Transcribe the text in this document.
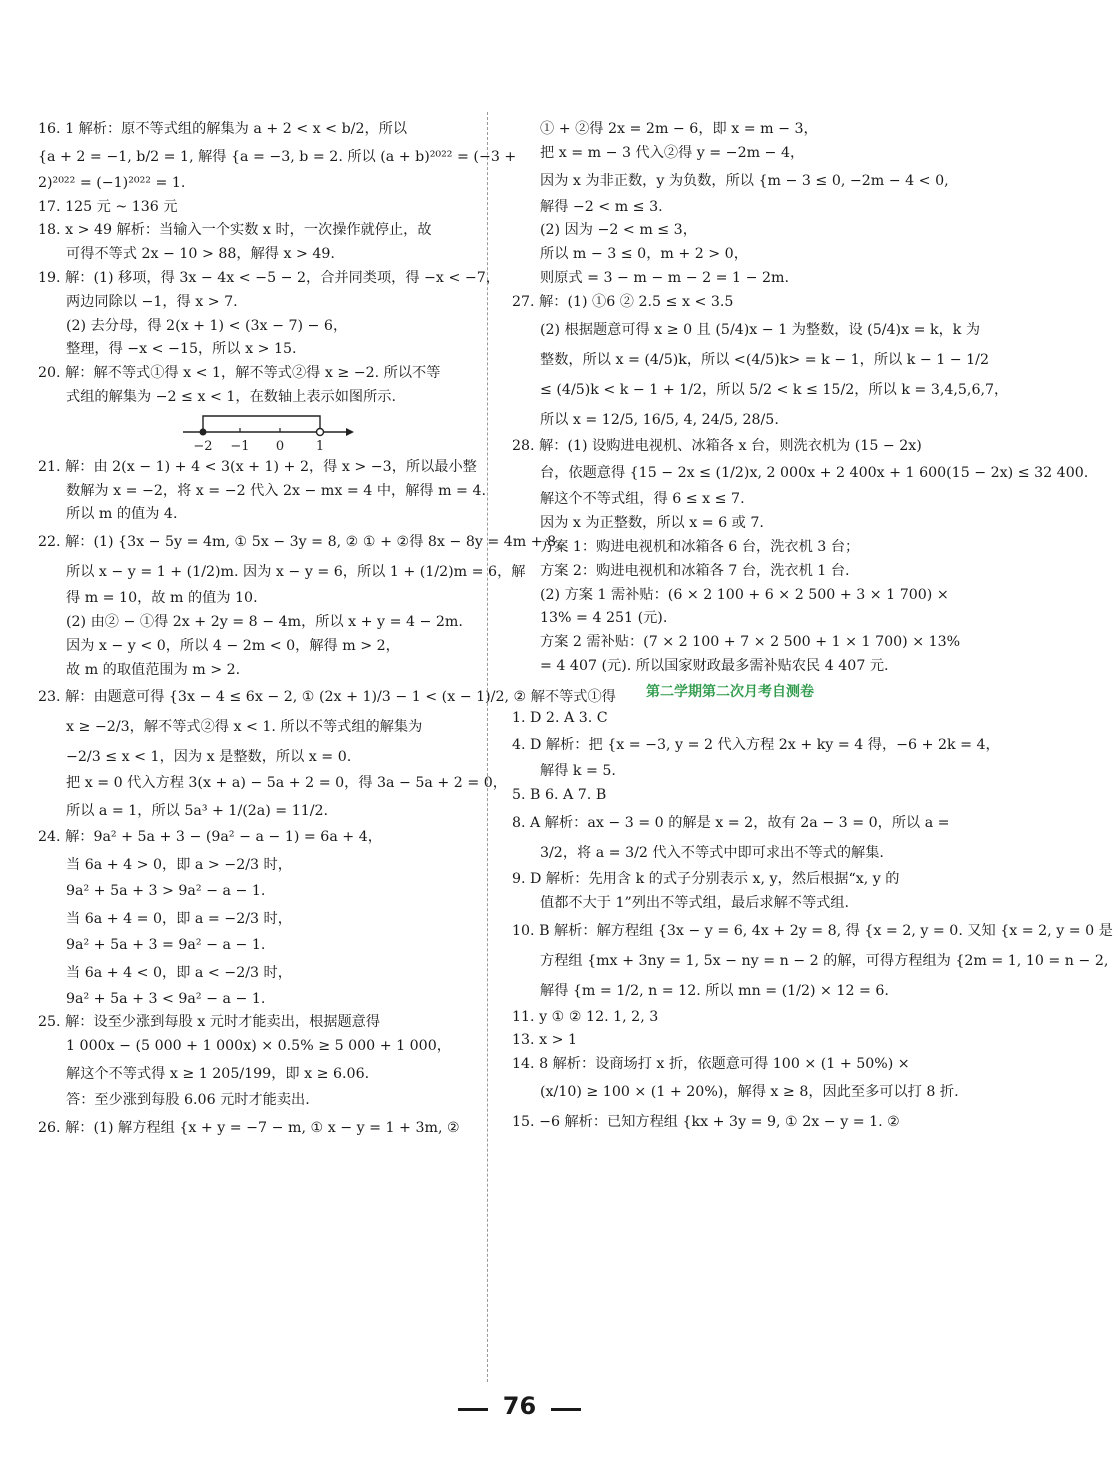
16. 1 解析：原不等式组的解集为 a + 2 < x < b/2，所以
{a + 2 = −1, b/2 = 1, 解得 {a = −3, b = 2. 所以 (a + b)²⁰²² = (−3 +
2)²⁰²² = (−1)²⁰²² = 1.
17. 125 元 ~ 136 元
18. x > 49 解析：当输入一个实数 x 时，一次操作就停止，故
可得不等式 2x − 10 > 88，解得 x > 49.
19. 解：(1) 移项，得 3x − 4x < −5 − 2，合并同类项，得 −x < −7，
两边同除以 −1，得 x > 7.
(2) 去分母，得 2(x + 1) < (3x − 7) − 6，
整理，得 −x < −15，所以 x > 15.
20. 解：解不等式①得 x < 1，解不等式②得 x ≥ −2. 所以不等
式组的解集为 −2 ≤ x < 1，在数轴上表示如图所示.
−2 −1 0 1
21. 解：由 2(x − 1) + 4 < 3(x + 1) + 2，得 x > −3，所以最小整
数解为 x = −2，将 x = −2 代入 2x − mx = 4 中，解得 m = 4.
所以 m 的值为 4.
22. 解：(1) {3x − 5y = 4m, ① 5x − 3y = 8, ② ① + ②得 8x − 8y = 4m + 8，
所以 x − y = 1 + (1/2)m. 因为 x − y = 6，所以 1 + (1/2)m = 6，解
得 m = 10，故 m 的值为 10.
(2) 由② − ①得 2x + 2y = 8 − 4m，所以 x + y = 4 − 2m.
因为 x − y < 0，所以 4 − 2m < 0，解得 m > 2，
故 m 的取值范围为 m > 2.
23. 解：由题意可得 {3x − 4 ≤ 6x − 2, ① (2x + 1)/3 − 1 < (x − 1)/2, ② 解不等式①得
x ≥ −2/3，解不等式②得 x < 1. 所以不等式组的解集为
−2/3 ≤ x < 1，因为 x 是整数，所以 x = 0.
把 x = 0 代入方程 3(x + a) − 5a + 2 = 0，得 3a − 5a + 2 = 0，
所以 a = 1，所以 5a³ + 1/(2a) = 11/2.
24. 解：9a² + 5a + 3 − (9a² − a − 1) = 6a + 4，
当 6a + 4 > 0，即 a > −2/3 时，
9a² + 5a + 3 > 9a² − a − 1.
当 6a + 4 = 0，即 a = −2/3 时，
9a² + 5a + 3 = 9a² − a − 1.
当 6a + 4 < 0，即 a < −2/3 时，
9a² + 5a + 3 < 9a² − a − 1.
25. 解：设至少涨到每股 x 元时才能卖出，根据题意得
1 000x − (5 000 + 1 000x) × 0.5% ≥ 5 000 + 1 000，
解这个不等式得 x ≥ 1 205/199，即 x ≥ 6.06.
答：至少涨到每股 6.06 元时才能卖出.
26. 解：(1) 解方程组 {x + y = −7 − m, ① x − y = 1 + 3m, ②
① + ②得 2x = 2m − 6，即 x = m − 3，
把 x = m − 3 代入②得 y = −2m − 4，
因为 x 为非正数，y 为负数，所以 {m − 3 ≤ 0, −2m − 4 < 0,
解得 −2 < m ≤ 3.
(2) 因为 −2 < m ≤ 3，
所以 m − 3 ≤ 0，m + 2 > 0，
则原式 = 3 − m − m − 2 = 1 − 2m.
27. 解：(1) ①6 ② 2.5 ≤ x < 3.5
(2) 根据题意可得 x ≥ 0 且 (5/4)x − 1 为整数，设 (5/4)x = k，k 为
整数，所以 x = (4/5)k，所以 <(4/5)k> = k − 1，所以 k − 1 − 1/2
≤ (4/5)k < k − 1 + 1/2，所以 5/2 < k ≤ 15/2，所以 k = 3,4,5,6,7，
所以 x = 12/5, 16/5, 4, 24/5, 28/5.
28. 解：(1) 设购进电视机、冰箱各 x 台，则洗衣机为 (15 − 2x)
台，依题意得 {15 − 2x ≤ (1/2)x, 2 000x + 2 400x + 1 600(15 − 2x) ≤ 32 400.
解这个不等式组，得 6 ≤ x ≤ 7.
因为 x 为正整数，所以 x = 6 或 7.
方案 1：购进电视机和冰箱各 6 台，洗衣机 3 台；
方案 2：购进电视机和冰箱各 7 台，洗衣机 1 台.
(2) 方案 1 需补贴：(6 × 2 100 + 6 × 2 500 + 3 × 1 700) ×
13% = 4 251 (元).
方案 2 需补贴：(7 × 2 100 + 7 × 2 500 + 1 × 1 700) × 13%
= 4 407 (元). 所以国家财政最多需补贴农民 4 407 元.
第二学期第二次月考自测卷
1. D 2. A 3. C
4. D 解析：把 {x = −3, y = 2 代入方程 2x + ky = 4 得，−6 + 2k = 4，
解得 k = 5.
5. B 6. A 7. B
8. A 解析：ax − 3 = 0 的解是 x = 2，故有 2a − 3 = 0，所以 a =
3/2，将 a = 3/2 代入不等式中即可求出不等式的解集.
9. D 解析：先用含 k 的式子分别表示 x, y，然后根据“x, y 的
值都不大于 1”列出不等式组，最后求解不等式组.
10. B 解析：解方程组 {3x − y = 6, 4x + 2y = 8, 得 {x = 2, y = 0. 又知 {x = 2, y = 0 是
方程组 {mx + 3ny = 1, 5x − ny = n − 2 的解，可得方程组为 {2m = 1, 10 = n − 2,
解得 {m = 1/2, n = 12. 所以 mn = (1/2) × 12 = 6.
11. y ① ② 12. 1, 2, 3
13. x > 1
14. 8 解析：设商场打 x 折，依题意可得 100 × (1 + 50%) ×
(x/10) ≥ 100 × (1 + 20%)，解得 x ≥ 8，因此至多可以打 8 折.
15. −6 解析：已知方程组 {kx + 3y = 9, ① 2x − y = 1. ②
76
